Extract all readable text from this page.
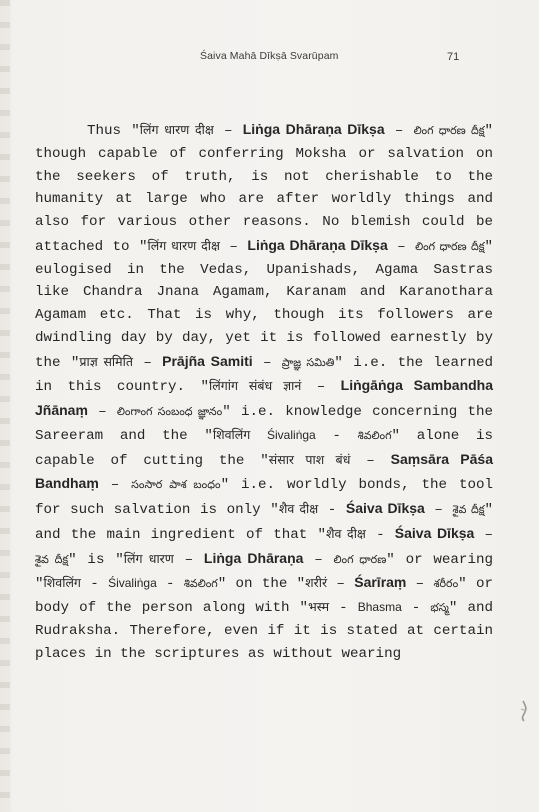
Śaiva Mahā Dīkṣā Svarūpam	71
Thus "लिंग धारण दीक्ष – Liṅga Dhāraṇa Dīkṣa – లింగ ధారణ దీక్ష" though capable of conferring Moksha or salvation on the seekers of truth, is not cherishable to the humanity at large who are after worldly things and also for various other reasons. No blemish could be attached to "लिंग धारण दीक्ष – Liṅga Dhāraṇa Dīkṣa – లింగ ధారణ దీక్ష" eulogised in the Vedas, Upanishads, Agama Sastras like Chandra Jnana Agamam, Karanam and Karanothara Agamam etc. That is why, though its followers are dwindling day by day, yet it is followed earnestly by the "प्राज्ञ समिति – Prājña Samiti – ప్రాజ్ఞ సమితి" i.e. the learned in this country. "लिंगांग संबंध ज्ञानं – Liṅgāṅga Sambandha Jñānaṃ – లింగాంగ సంబంధ జ్ఞానం" i.e. knowledge concerning the Sareeram and the "शिवलिंग Śivaliṅga - శివలింగ" alone is capable of cutting the "संसार पाश बंधं – Saṃsāra Pāśa Bandhaṃ – సంసార పాశ బంధం" i.e. worldly bonds, the tool for such salvation is only "शैव दीक्ष - Śaiva Dīkṣa – శైవ దీక్ష" and the main ingredient of that "शैव दीक्ष - Śaiva Dīkṣa – శైవ దీక్ష" is "लिंग धारण – Liṅga Dhāraṇa – లింగ ధారణ" or wearing "शिवलिंग - Śivaliṅga - శివలింగ" on the "शरीरं – Śarīraṃ – శరీరం" or body of the person along with "भस्म - Bhasma - భస్మ" and Rudraksha. Therefore, even if it is stated at certain places in the scriptures as without wearing
